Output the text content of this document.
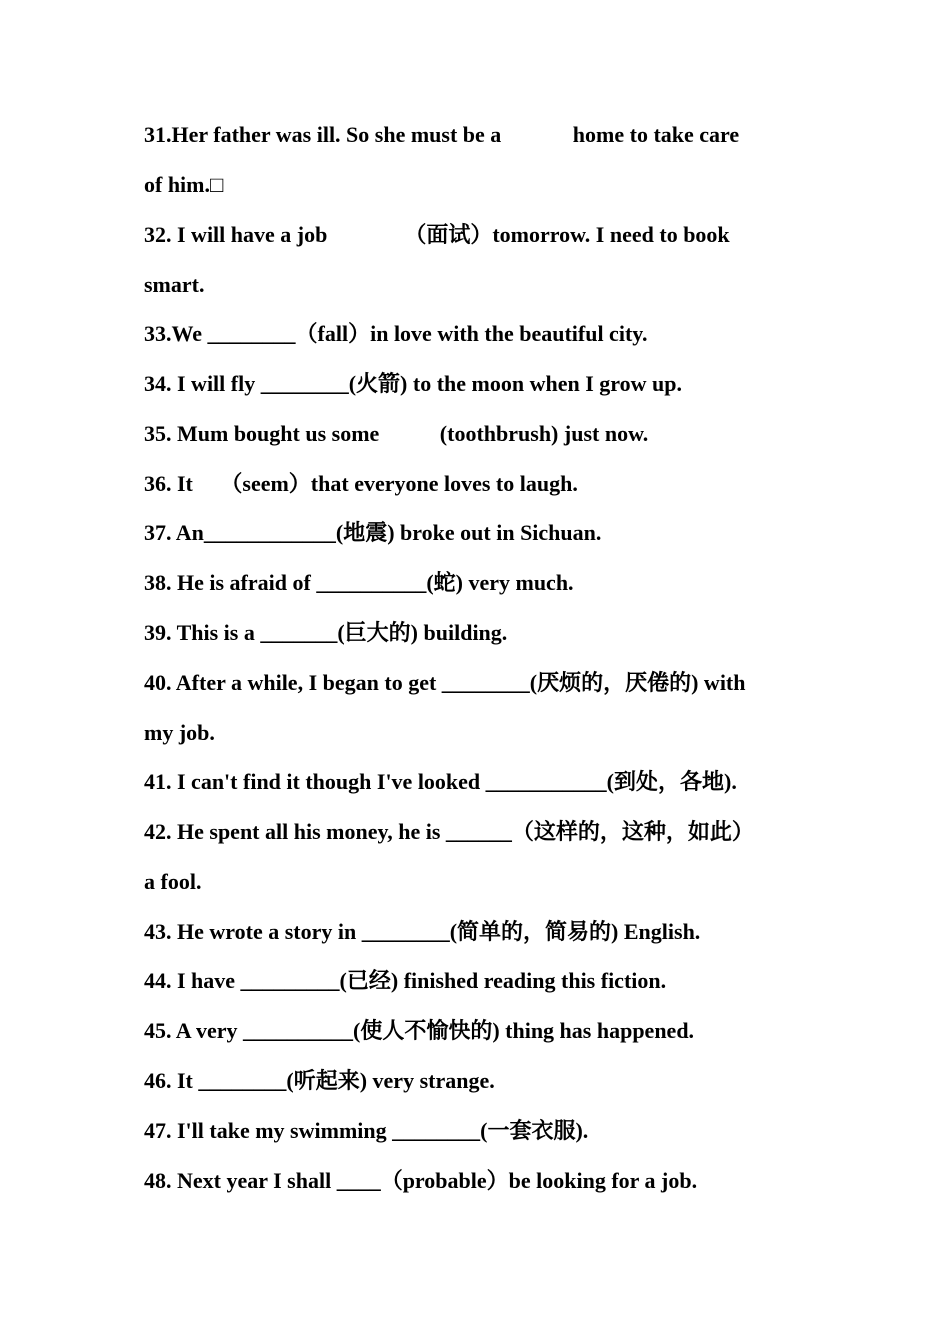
31.Her father was ill. So she must be a             home to take care
of him.□
32. I will have a job              （面试）tomorrow. I need to book
smart.
33.We ________（fall）in love with the beautiful city.
34. I will fly ________(火箭) to the moon when I grow up.
35. Mum bought us some           (toothbrush) just now.
36. It     （seem）that everyone loves to laugh.
37. An____________(地震) broke out in Sichuan.
38. He is afraid of __________(蛇) very much.
39. This is a _______(巨大的) building.
40. After a while, I began to get ________(厌烦的，厌倦的) with
my job.
41. I can't find it though I've looked ___________(到处，各地).
42. He spent all his money, he is ______（这样的，这种，如此）
a fool.
43. He wrote a story in ________(简单的，简易的) English.
44. I have _________(已经) finished reading this fiction.
45. A very __________(使人不愉快的) thing has happened.
46. It ________(听起来) very strange.
47. I'll take my swimming ________(一套衣服).
48. Next year I shall ____（probable）be looking for a job.
